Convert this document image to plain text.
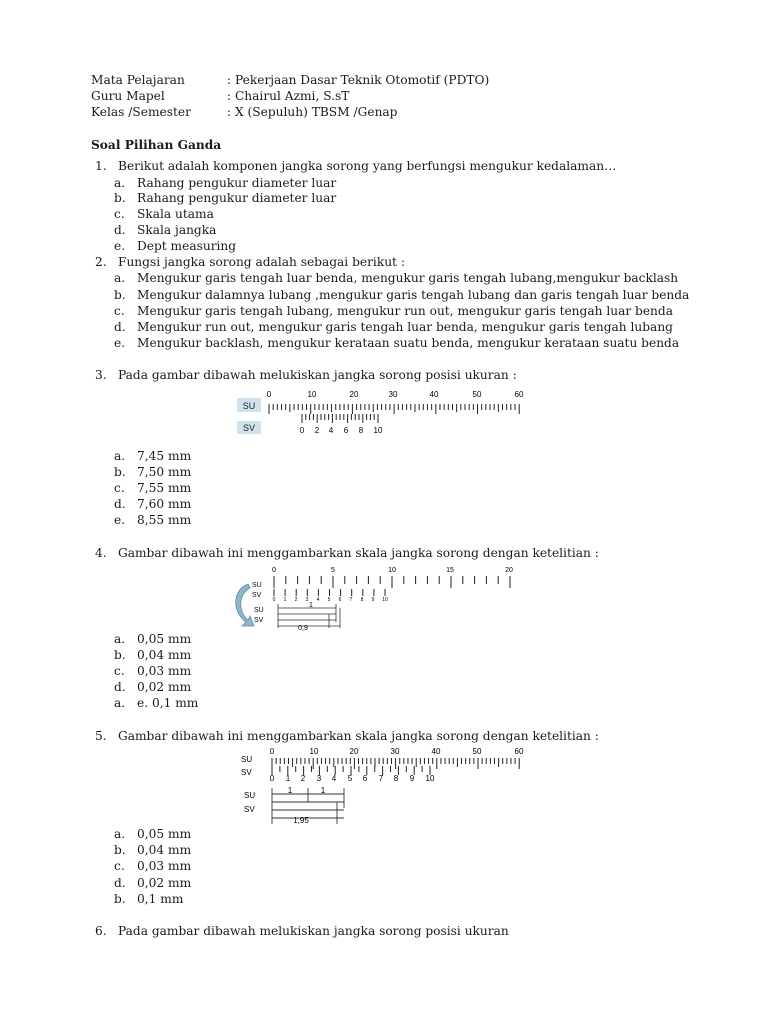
Mata Pelajaran	: Pekerjaan Dasar Teknik Otomotif (PDTO)
Guru Mapel	: Chairul Azmi, S.sT
Kelas /Semester	: X (Sepuluh) TBSM /Genap
Soal Pilihan Ganda
1. Berikut adalah komponen jangka sorong yang berfungsi mengukur kedalaman…
a. Rahang pengukur diameter luar
b. Rahang pengukur diameter luar
c. Skala utama
d. Skala jangka
e. Dept measuring
2. Fungsi jangka sorong adalah sebagai berikut :
a. Mengukur garis tengah luar benda, mengukur garis tengah lubang,mengukur backlash
b. Mengukur dalamnya lubang ,mengukur garis tengah lubang dan garis tengah luar benda
c. Mengukur garis tengah lubang, mengukur run out, mengukur garis tengah luar benda
d. Mengukur run out, mengukur garis tengah luar benda, mengukur garis tengah lubang
e. Mengukur backlash, mengukur kerataan suatu benda, mengukur kerataan suatu benda
3. Pada gambar dibawah melukiskan jangka sorong posisi ukuran :
SU
SV
0	10	20	30	40	50	60
0 2 4 6 8 10
a. 7,45 mm
b. 7,50 mm
c. 7,55 mm
d. 7,60 mm
e. 8,55 mm
4. Gambar dibawah ini menggambarkan skala jangka sorong dengan ketelitian :
0	5	10	15	20
SU
SV
0 1 2 3 4 5 6 7 8 9 10
SU
SV
1
0,9
a. 0,05 mm
b. 0,04 mm
c. 0,03 mm
d. 0,02 mm
a. e. 0,1 mm
5. Gambar dibawah ini menggambarkan skala jangka sorong dengan ketelitian :
0	10	20	30	40	50	60
SU
SV
0 1 2 3 4 5 6 7 8 9 10
SU
SV
1	1
1,95
a. 0,05 mm
b. 0,04 mm
c. 0,03 mm
d. 0,02 mm
b. 0,1 mm
6. Pada gambar dibawah melukiskan jangka sorong posisi ukuran
